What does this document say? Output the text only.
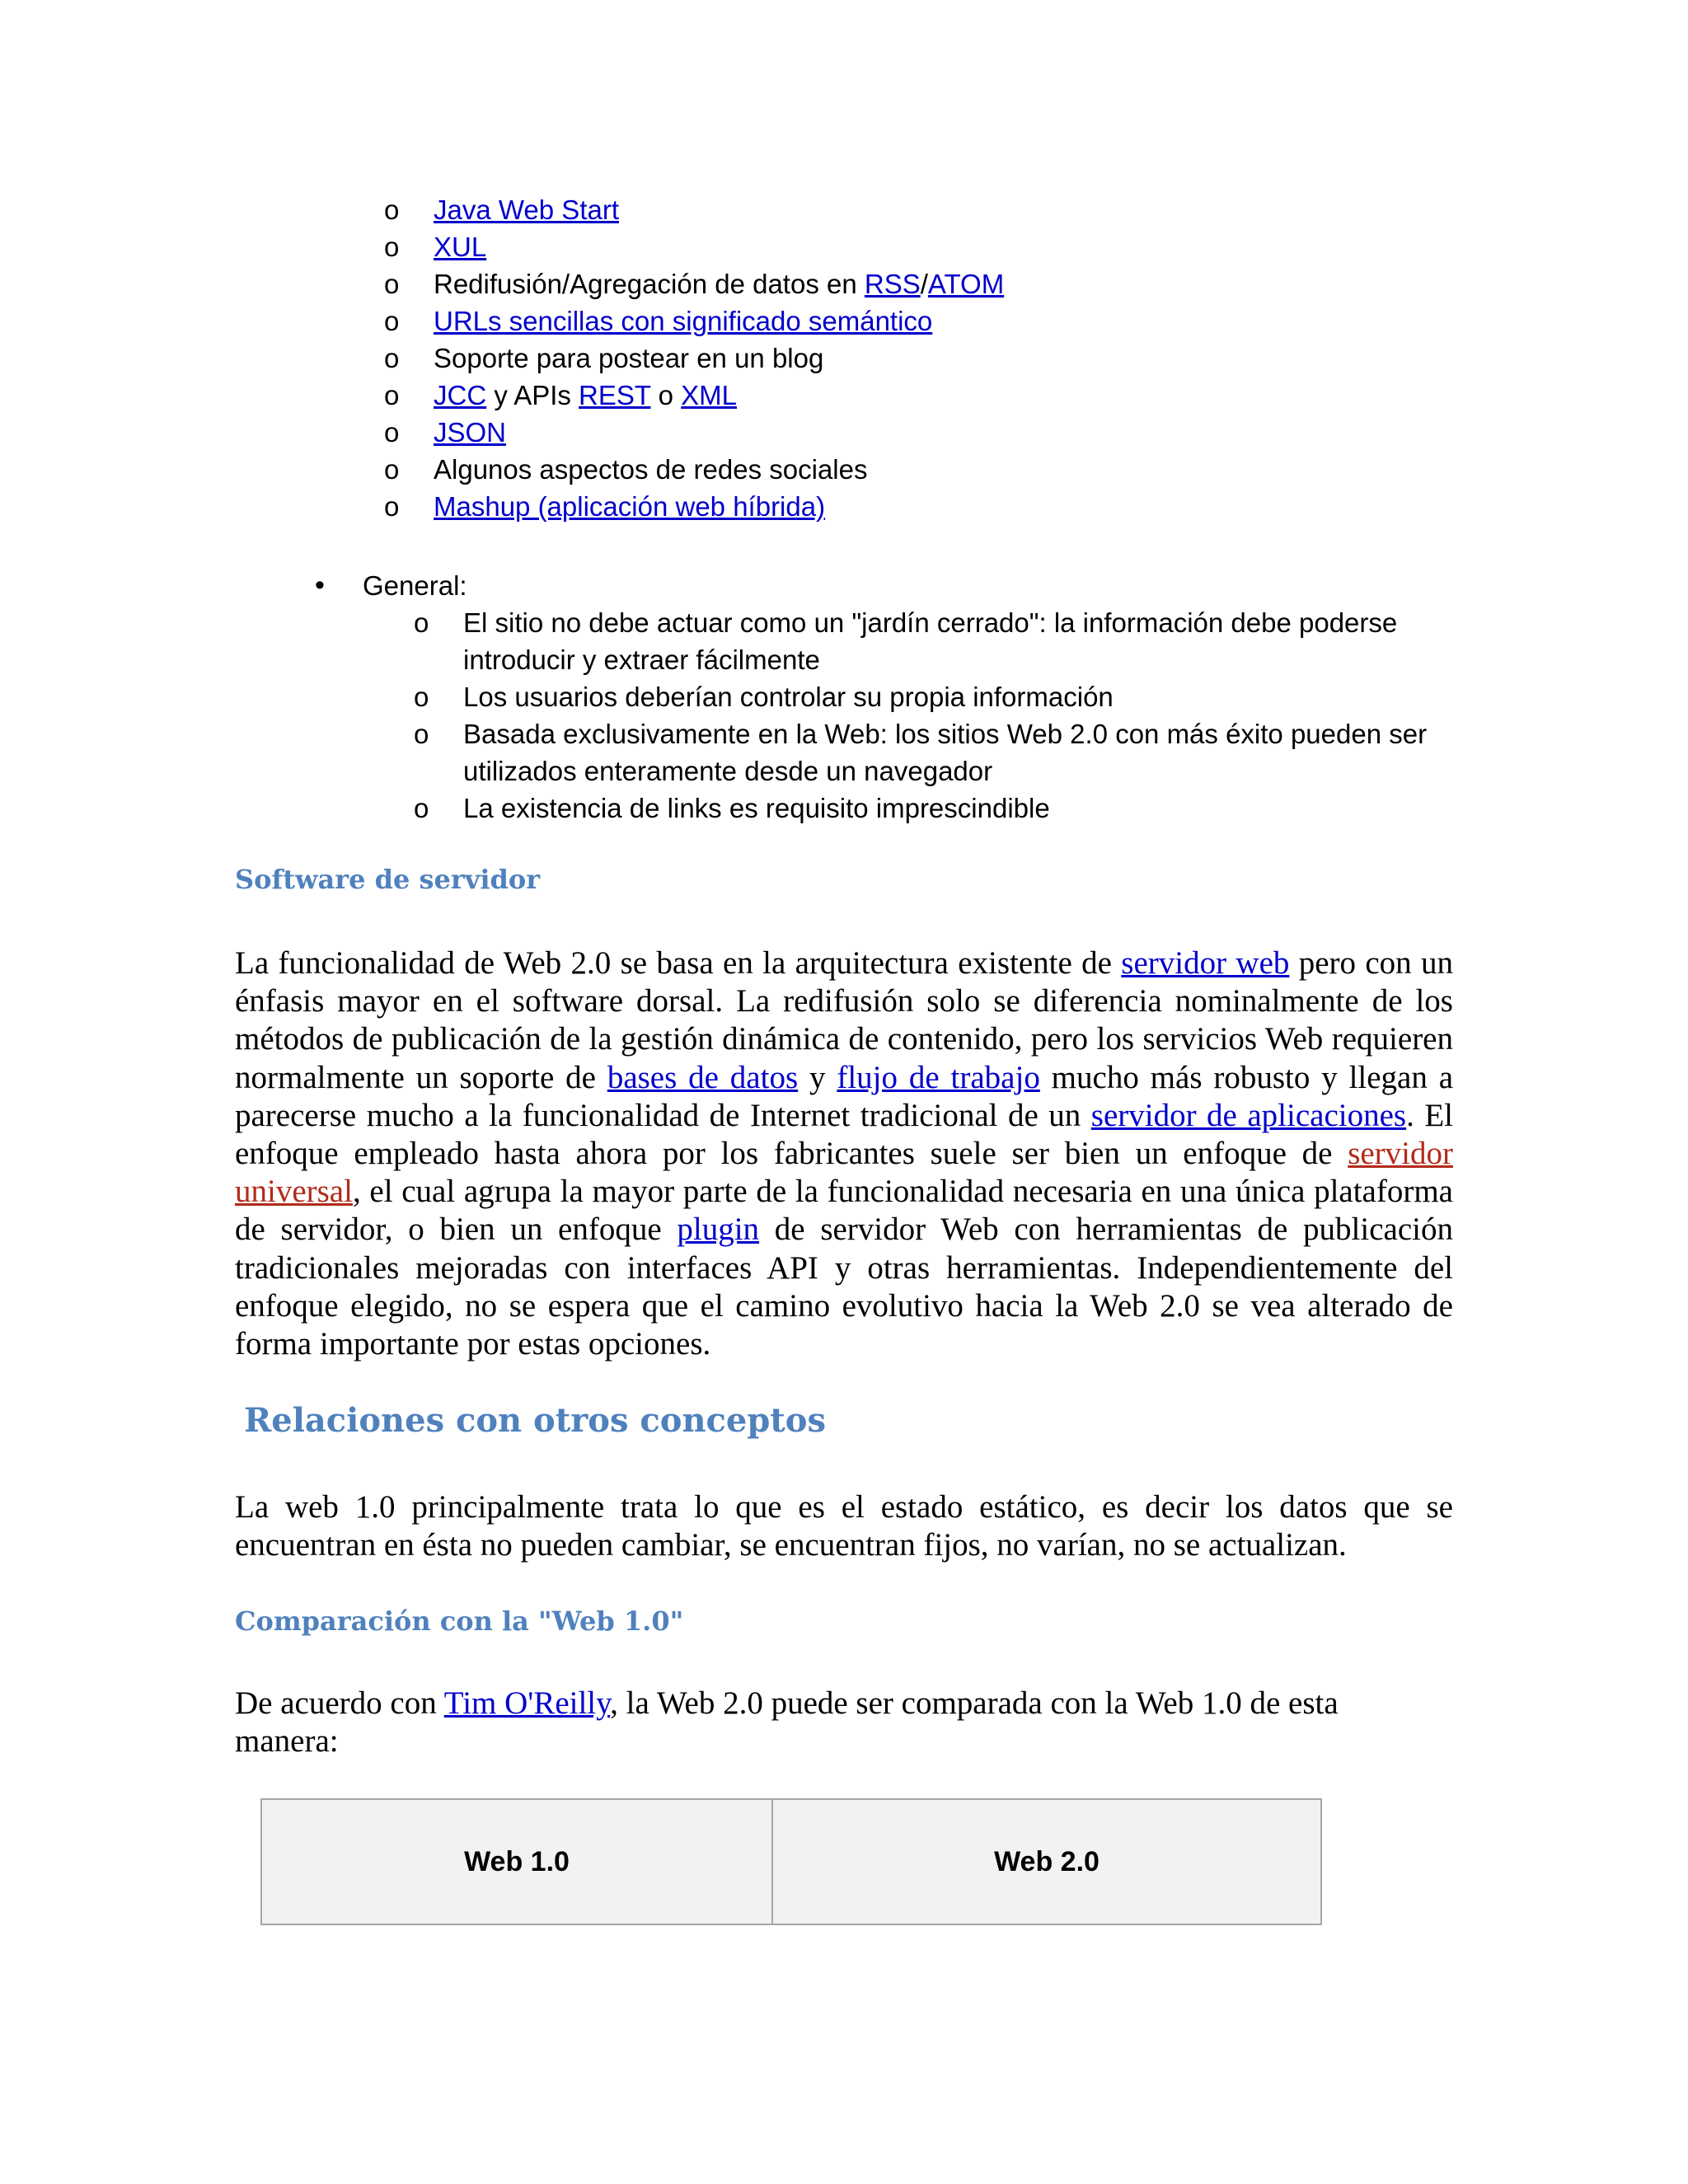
o Java Web Start
o XUL
o Redifusión/Agregación de datos en RSS/ATOM
o URLs sencillas con significado semántico
o Soporte para postear en un blog
o JCC y APIs REST o XML
o JSON
o Algunos aspectos de redes sociales
o Mashup (aplicación web híbrida)
• General:
o El sitio no debe actuar como un "jardín cerrado": la información debe poderse introducir y extraer fácilmente
o Los usuarios deberían controlar su propia información
o Basada exclusivamente en la Web: los sitios Web 2.0 con más éxito pueden ser utilizados enteramente desde un navegador
o La existencia de links es requisito imprescindible
Software de servidor
La funcionalidad de Web 2.0 se basa en la arquitectura existente de servidor web pero con un énfasis mayor en el software dorsal. La redifusión solo se diferencia nominalmente de los métodos de publicación de la gestión dinámica de contenido, pero los servicios Web requieren normalmente un soporte de bases de datos y flujo de trabajo mucho más robusto y llegan a parecerse mucho a la funcionalidad de Internet tradicional de un servidor de aplicaciones. El enfoque empleado hasta ahora por los fabricantes suele ser bien un enfoque de servidor universal, el cual agrupa la mayor parte de la funcionalidad necesaria en una única plataforma de servidor, o bien un enfoque plugin de servidor Web con herramientas de publicación tradicionales mejoradas con interfaces API y otras herramientas. Independientemente del enfoque elegido, no se espera que el camino evolutivo hacia la Web 2.0 se vea alterado de forma importante por estas opciones.
Relaciones con otros conceptos
La web 1.0 principalmente trata lo que es el estado estático, es decir los datos que se encuentran en ésta no pueden cambiar, se encuentran fijos, no varían, no se actualizan.
Comparación con la "Web 1.0"
De acuerdo con Tim O'Reilly, la Web 2.0 puede ser comparada con la Web 1.0 de esta manera:
Web 1.0	Web 2.0
